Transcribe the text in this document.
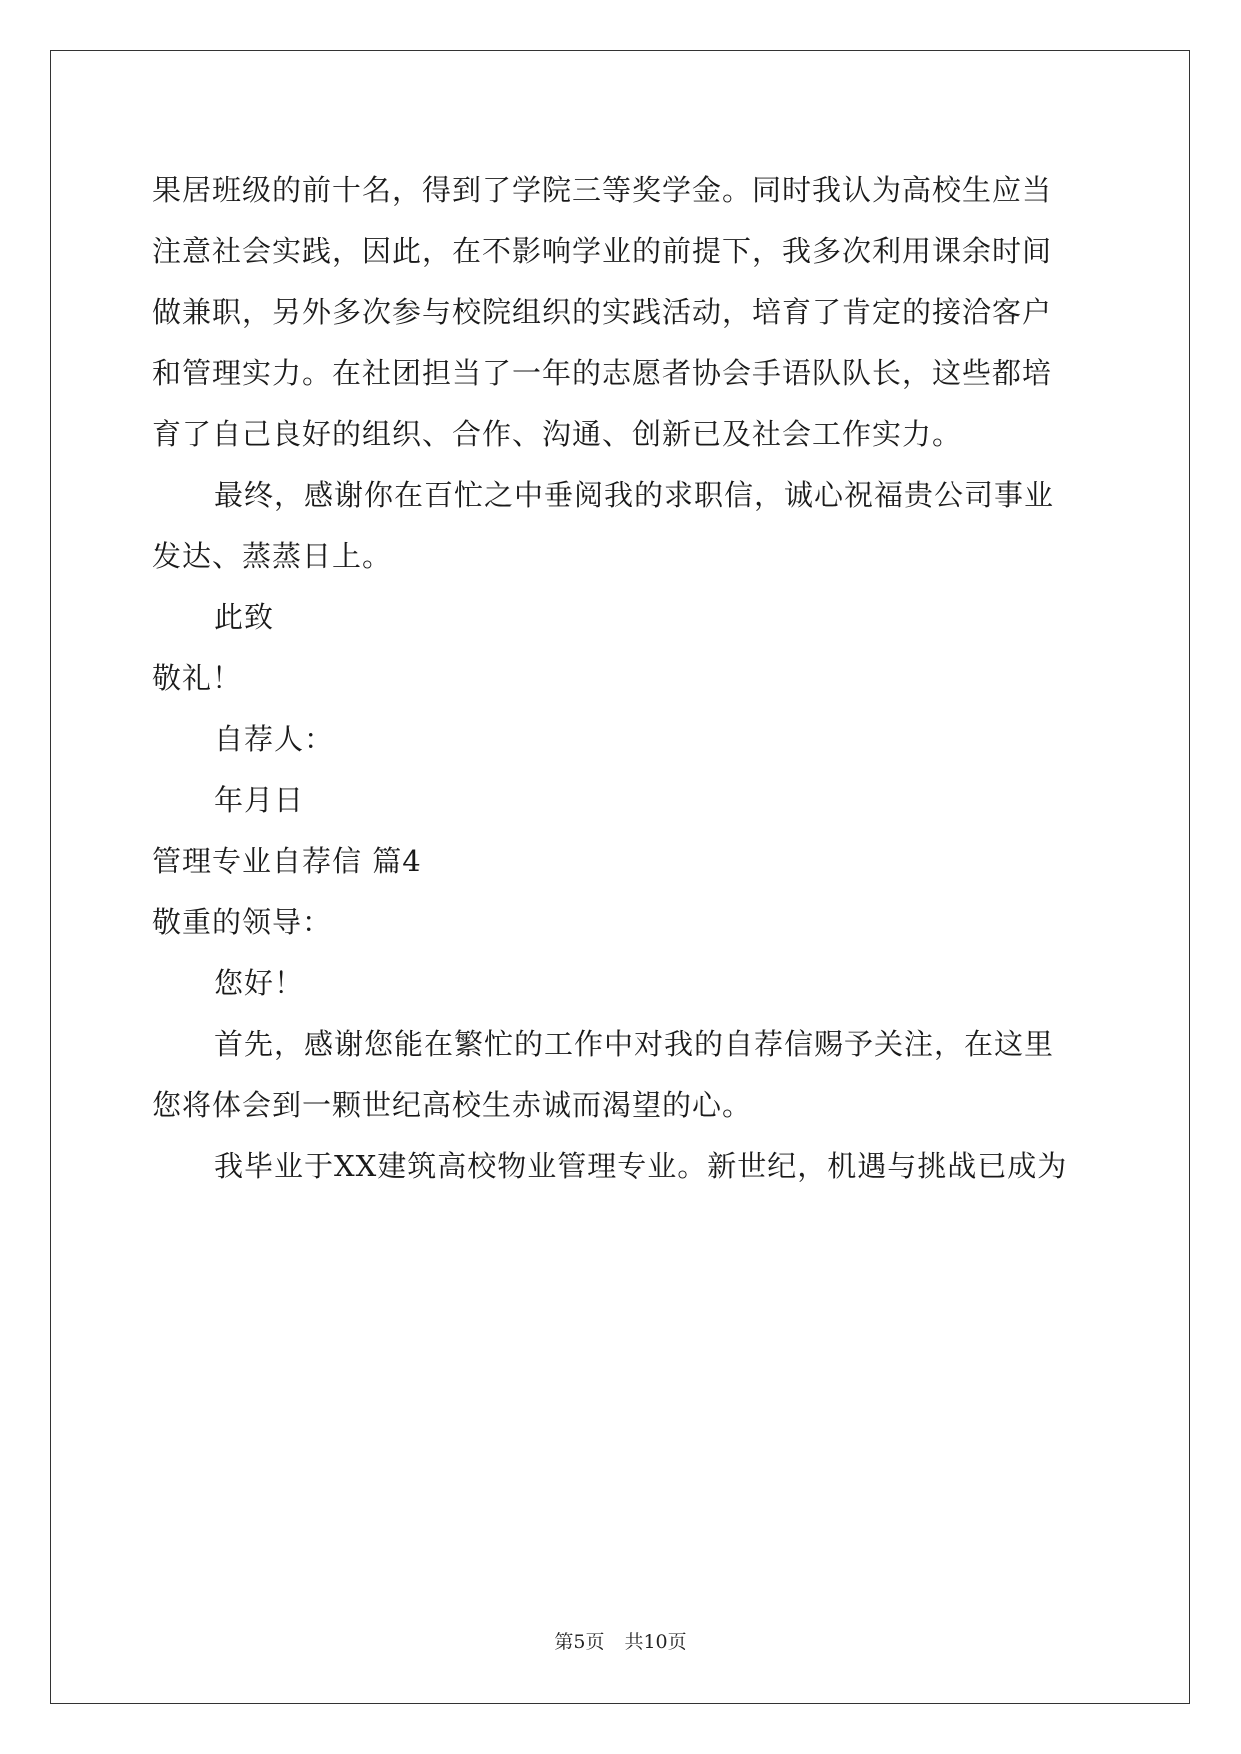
果居班级的前十名，得到了学院三等奖学金。同时我认为高校生应当

注意社会实践，因此，在不影响学业的前提下，我多次利用课余时间

做兼职，另外多次参与校院组织的实践活动，培育了肯定的接洽客户

和管理实力。在社团担当了一年的志愿者协会手语队队长，这些都培

育了自己良好的组织、合作、沟通、创新已及社会工作实力。

最终，感谢你在百忙之中垂阅我的求职信，诚心祝福贵公司事业

发达、蒸蒸日上。

此致

敬礼！

自荐人：

年月日

管理专业自荐信 篇4

敬重的领导：

您好！

首先，感谢您能在繁忙的工作中对我的自荐信赐予关注，在这里

您将体会到一颗世纪高校生赤诚而渴望的心。

我毕业于XX建筑高校物业管理专业。新世纪，机遇与挑战已成为

第5页 共10页
